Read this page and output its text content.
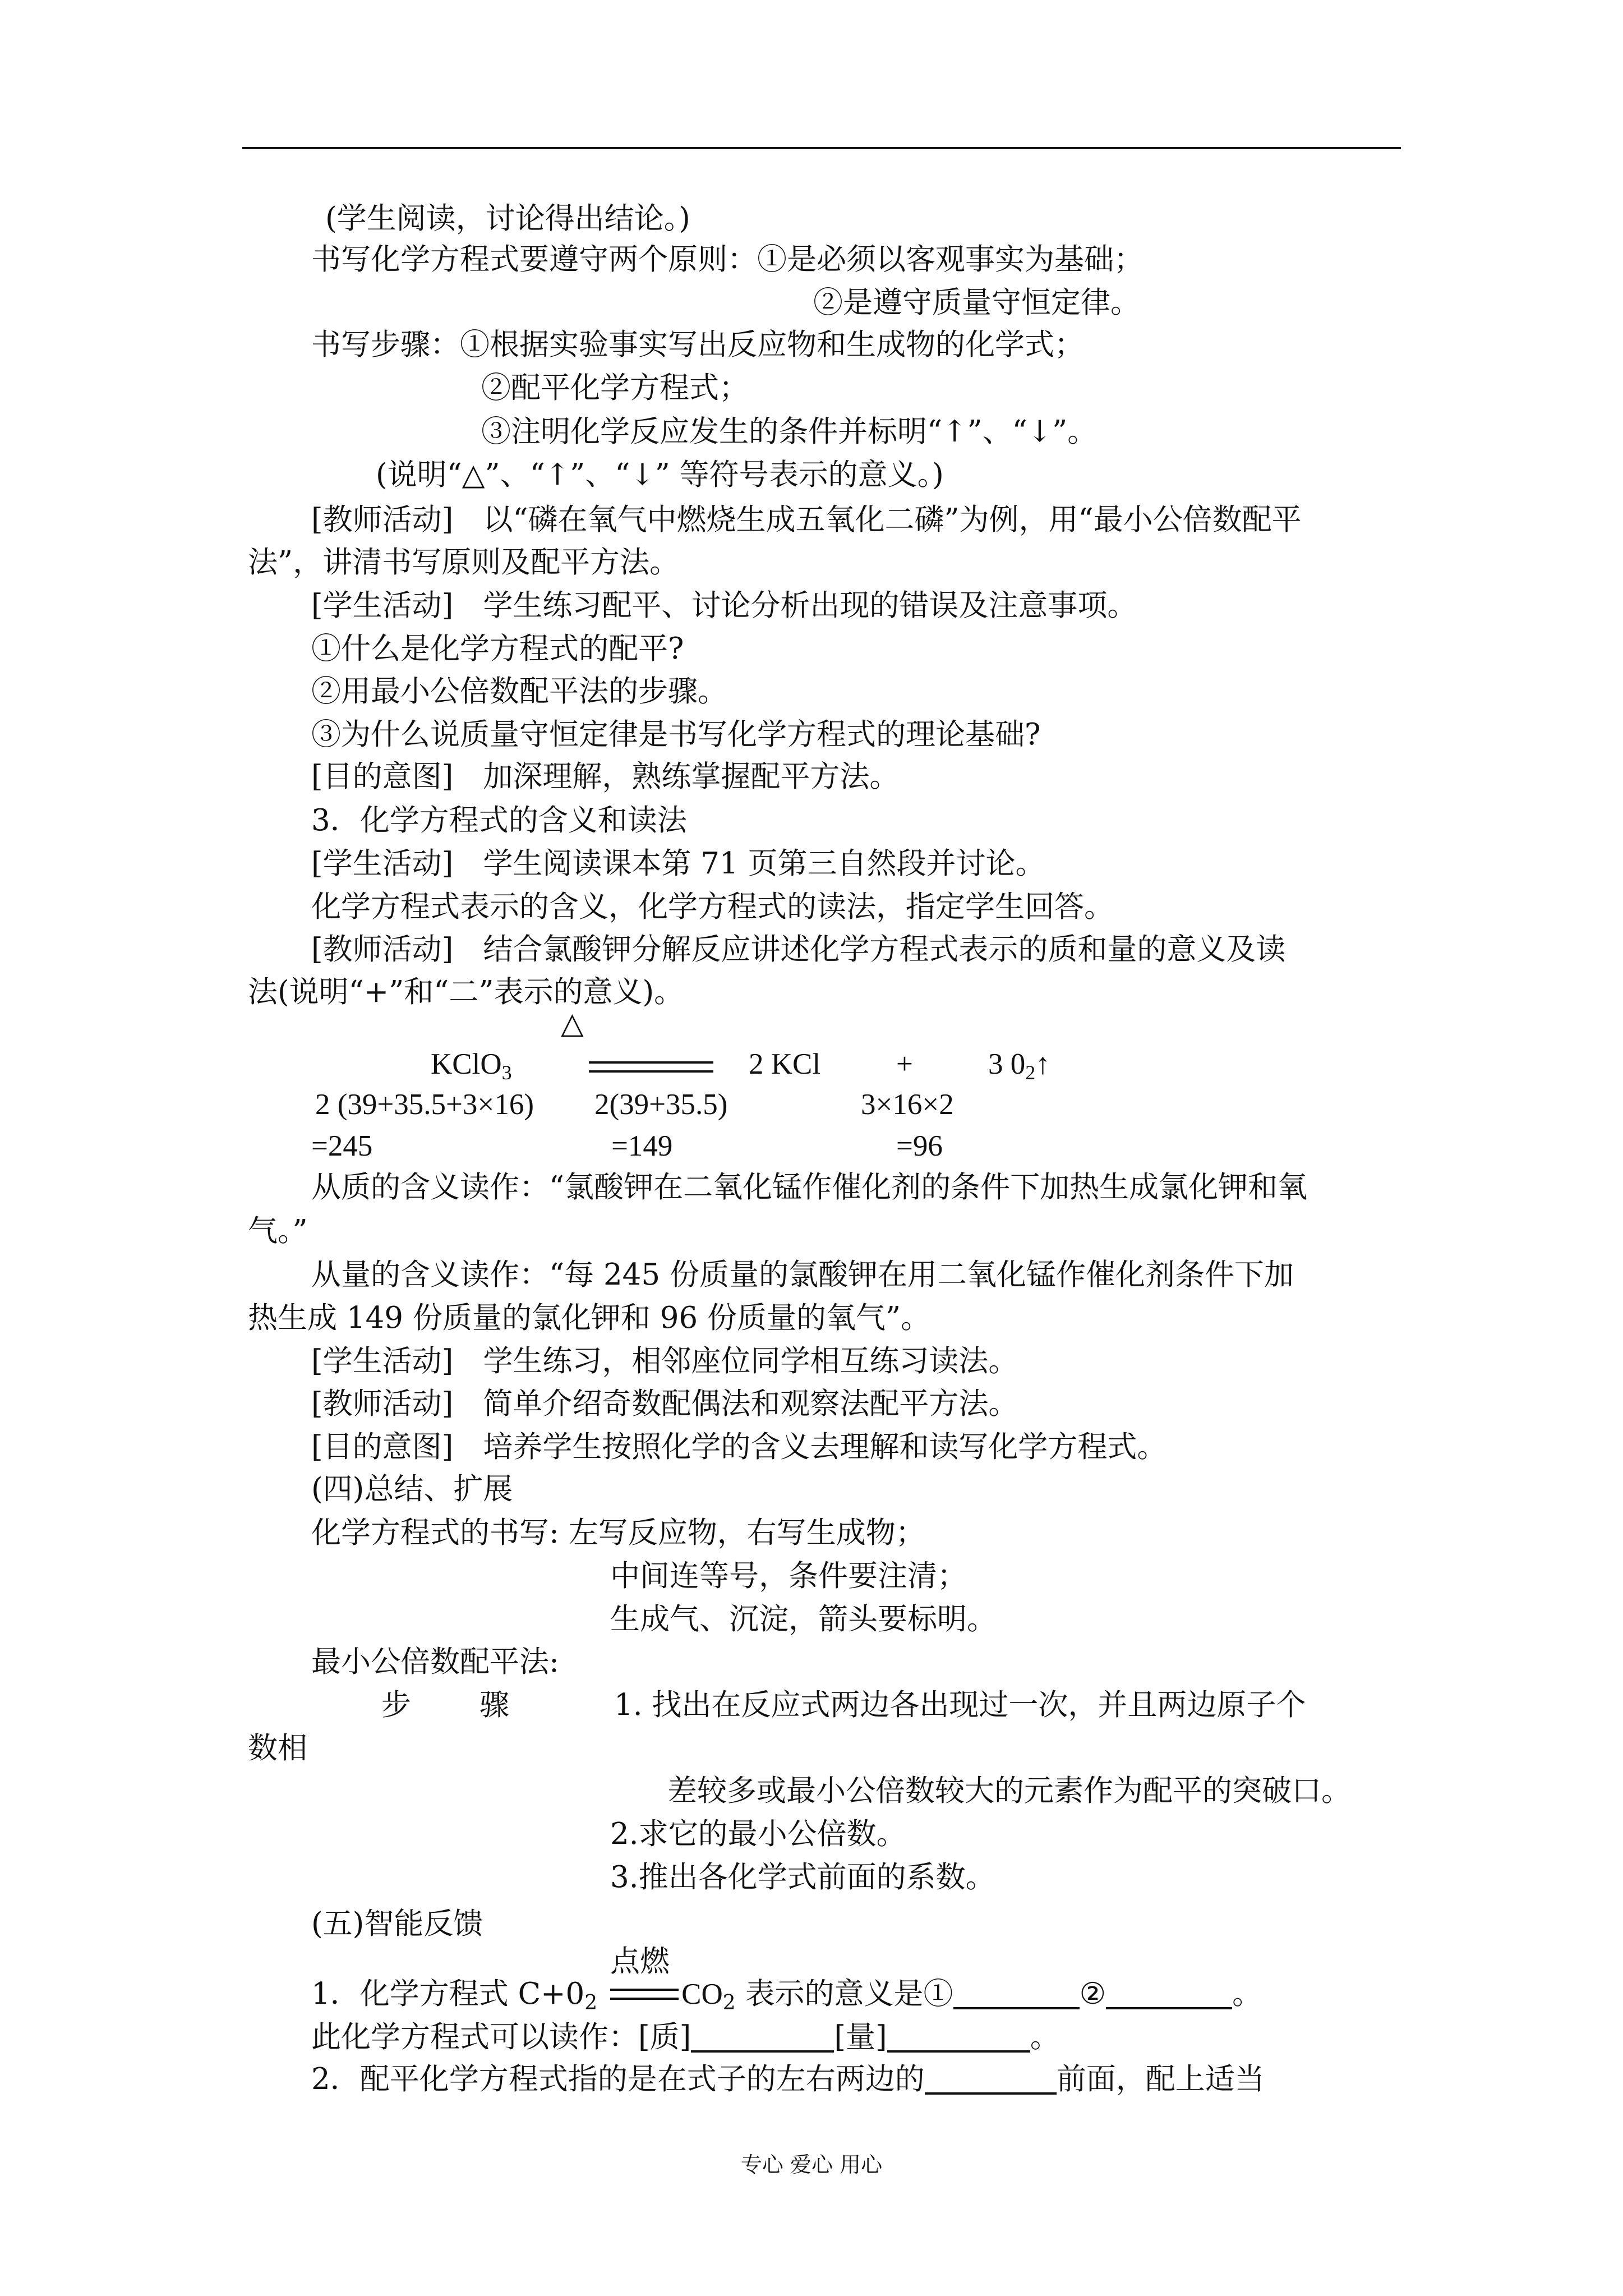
(学生阅读，讨论得出结论。)
书写化学方程式要遵守两个原则：①是必须以客观事实为基础；
②是遵守质量守恒定律。
书写步骤：①根据实验事实写出反应物和生成物的化学式；
②配平化学方程式；
③注明化学反应发生的条件并标明“↑”、“↓”。
(说明“△”、“↑”、“↓” 等符号表示的意义。)
[教师活动]　以“磷在氧气中燃烧生成五氧化二磷”为例，用“最小公倍数配平
法”，讲清书写原则及配平方法。
[学生活动]　学生练习配平、讨论分析出现的错误及注意事项。
①什么是化学方程式的配平?
②用最小公倍数配平法的步骤。
③为什么说质量守恒定律是书写化学方程式的理论基础?
[目的意图]　加深理解，熟练掌握配平方法。
3．化学方程式的含义和读法
[学生活动]　学生阅读课本第 71 页第三自然段并讨论。
化学方程式表示的含义，化学方程式的读法，指定学生回答。
[教师活动]　结合氯酸钾分解反应讲述化学方程式表示的质和量的意义及读
法(说明“+”和“二”表示的意义)。
△
KClO$_3$	2 KCl	+	3 $0_2↑$
2 (39+35.5+3×16) 2(39+35.5)	3×16×2
=245	=149	=96
从质的含义读作：“氯酸钾在二氧化锰作催化剂的条件下加热生成氯化钾和氧
气。”
从量的含义读作：“每 245 份质量的氯酸钾在用二氧化锰作催化剂条件下加
热生成 149 份质量的氯化钾和 96 份质量的氧气”。
[学生活动]　学生练习，相邻座位同学相互练习读法。
[教师活动]　简单介绍奇数配偶法和观察法配平方法。
[目的意图]　培养学生按照化学的含义去理解和读写化学方程式。
(四)总结、扩展
化学方程式的书写: 左写反应物，右写生成物；
中间连等号，条件要注清；
生成气、沉淀，箭头要标明。
最小公倍数配平法:
步 骤	1. 找出在反应式两边各出现过一次，并且两边原子个
数相
差较多或最小公倍数较大的元素作为配平的突破口。
2.求它的最小公倍数。
3.推出各化学式前面的系数。
(五)智能反馈
点燃
1．化学方程式 $C+0_2$	$CO_2$ 表示的意义是①	②	。
此化学方程式可以读作：[质]	[量]	。
2．配平化学方程式指的是在式子的左右两边的	前面，配上适当
专心 爱心 用心
